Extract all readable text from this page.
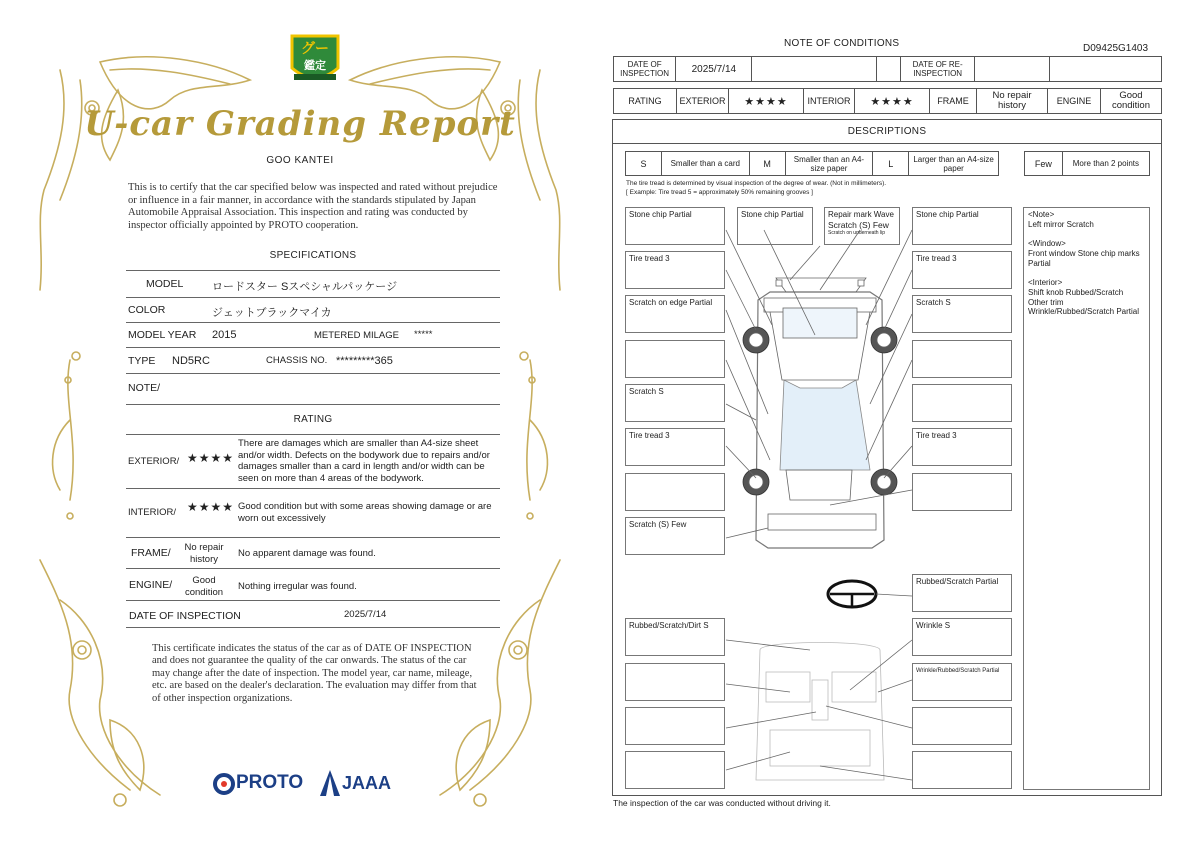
グー
鑑定
U-car Grading Report
GOO KANTEI
This is to certify that the car specified below was inspected and rated without prejudice or influence in a fair manner, in accordance with the standards stipulated by Japan Automobile Appraisal Association. This inspection and rating was conducted by inspector officially appointed by PROTO cooperation.
SPECIFICATIONS
MODEL	ロードスター Sスペシャルパッケージ
COLOR	ジェットブラックマイカ
MODEL YEAR 2015	METERED MILAGE *****
TYPE ND5RC	CHASSIS NO. *********365
NOTE/
RATING
EXTERIOR/ ★★★★
There are damages which are smaller than A4-size sheet and/or width. Defects on the bodywork due to repairs and/or damages smaller than a card in length and/or width can be seen on more than 4 areas of the bodywork.
INTERIOR/ ★★★★ Good condition but with some areas showing damage or are worn out excessively
FRAME/	No repair history	No apparent damage was found.
ENGINE/	Good condition	Nothing irregular was found.
DATE OF INSPECTION	2025/7/14
This certificate indicates the status of the car as of DATE OF INSPECTION and does not guarantee the quality of the car onwards. The status of the car may change after the date of inspection. The model year, car name, mileage, etc. are based on the dealer's declaration. The evaluation may differ from that of other inspection organizations.
PROTO JAAA
NOTE OF CONDITIONS	D09425G1403
DATE OF INSPECTION	2025/7/14			DATE OF RE-INSPECTION		
RATING	EXTERIOR	★★★★	INTERIOR	★★★★	FRAME	No repair history	ENGINE	Good condition
DESCRIPTIONS
S	Smaller than a card	M	Smaller than an A4-size paper	L	Larger than an A4-size paper	Few	More than 2 points
The tire tread is determined by visual inspection of the degree of wear. (Not in millimeters).
[ Example: Tire tread 5 = approximately 50% remaining grooves ]
Stone chip Partial
Tire tread 3
Scratch on edge Partial
Scratch S
Tire tread 3
Scratch (S) Few
Rubbed/Scratch/Dirt S
Stone chip Partial	Repair mark Wave
Scratch (S) Few
Scratch on underneath lip
Stone chip Partial
Tire tread 3
Scratch S
Tire tread 3
Rubbed/Scratch Partial
Wrinkle S
Wrinkle/Rubbed/Scratch Partial
<Note>

Left mirror Scratch

<Window>

Front window Stone chip marks Partial

<Interior>
Shift knob Rubbed/Scratch
Other trim
Wrinkle/Rubbed/Scratch Partial
The inspection of the car was conducted without driving it.
